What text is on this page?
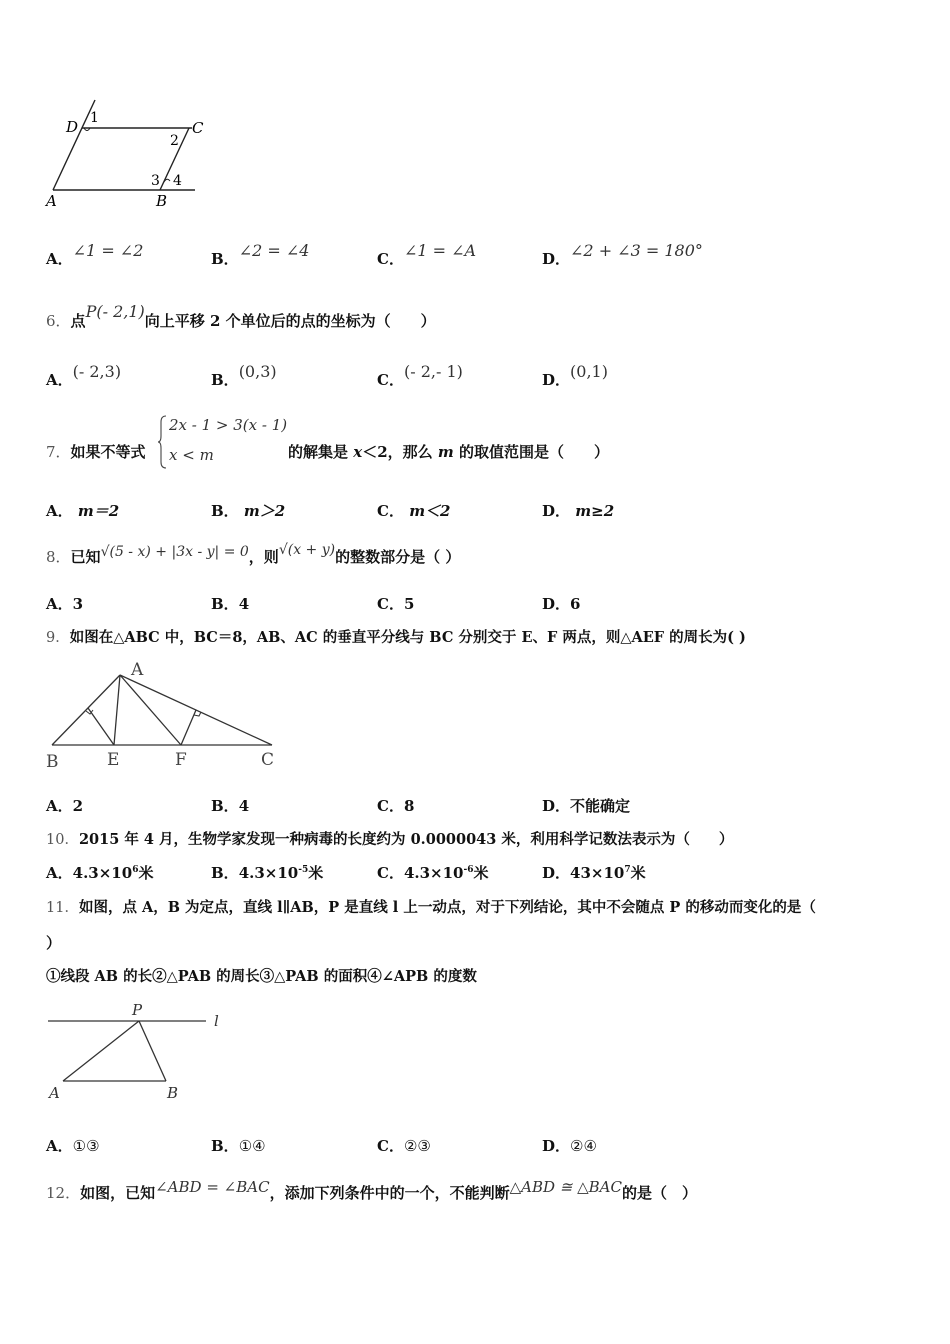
D 1
C
2
3 4
A	B
A．∠1 = ∠2	B．∠2 = ∠4	C．∠1 = ∠A	D．∠2 + ∠3 = 180°
6．点P(- 2,1)向上平移 2 个单位后的点的坐标为（　　）
A．(- 2,3)	B．(0,3)	C．(- 2,- 1)	D．(0,1)
7．如果不等式
2x - 1 > 3(x - 1)
x < m	的解集是 x＜2，那么 m 的取值范围是（　　）
A． m＝2	B． m＞2	C． m＜2	D． m≥2
8．已知√(5 - x) + |3x - y| = 0，则√(x + y)的整数部分是（ ）
A．3	B．4	C．5	D．6
9．如图在△ABC 中，BC＝8，AB、AC 的垂直平分线与 BC 分别交于 E、F 两点，则△AEF 的周长为( )
A
B	E	F	C
A．2	B．4	C．8	D．不能确定
10．2015 年 4 月，生物学家发现一种病毒的长度约为 0.0000043 米，利用科学记数法表示为（　　）
A．$4.3\times 10^6$米	B．$4.3\times 10^{-5}$米	C．$4.3\times 10^{-6}$米	D．$43\times 10^7$米
11．如图，点 A，B 为定点，直线 l∥AB，P 是直线 l 上一动点，对于下列结论，其中不会随点 P 的移动而变化的是（
）
①线段 AB 的长②△PAB 的周长③△PAB 的面积④∠APB 的度数
P
l
A	B
A．①③	B．①④	C．②③	D．②④
12．如图，已知∠ABD = ∠BAC，添加下列条件中的一个，不能判断△ABD ≅ △BAC的是（　）
